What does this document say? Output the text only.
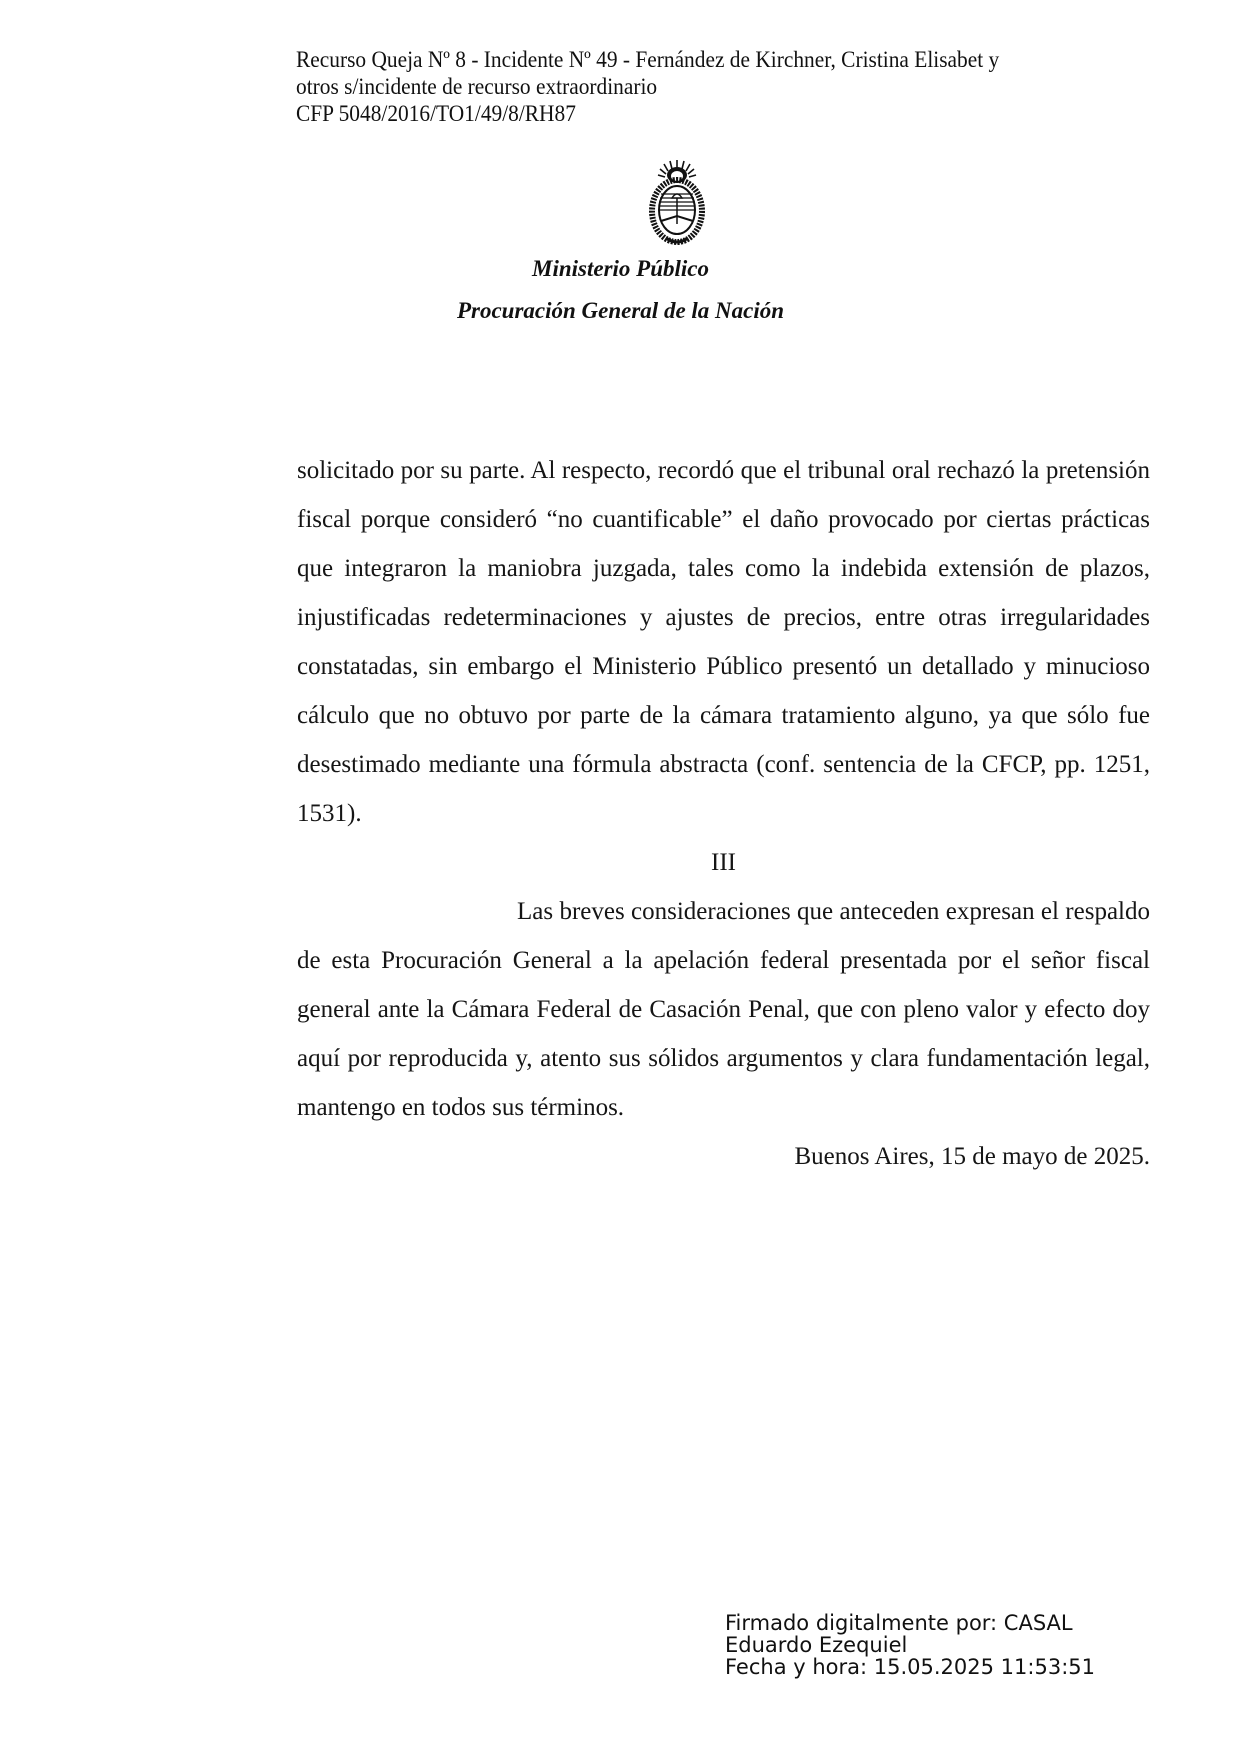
Recurso Queja Nº 8 - Incidente Nº 49 - Fernández de Kirchner, Cristina Elisabet y
otros s/incidente de recurso extraordinario
CFP 5048/2016/TO1/49/8/RH87
Ministerio Público
Procuración General de la Nación

solicitado por su parte. Al respecto, recordó que el tribunal oral rechazó la pretensión fiscal porque consideró “no cuantificable” el daño provocado por ciertas prácticas que integraron la maniobra juzgada, tales como la indebida extensión de plazos, injustificadas redeterminaciones y ajustes de precios, entre otras irregularidades constatadas, sin embargo el Ministerio Público presentó un detallado y minucioso cálculo que no obtuvo por parte de la cámara tratamiento alguno, ya que sólo fue desestimado mediante una fórmula abstracta (conf. sentencia de la CFCP, pp. 1251, 1531).

III

Las breves consideraciones que anteceden expresan el respaldo de esta Procuración General a la apelación federal presentada por el señor fiscal general ante la Cámara Federal de Casación Penal, que con pleno valor y efecto doy aquí por reproducida y, atento sus sólidos argumentos y clara fundamentación legal, mantengo en todos sus términos.

Buenos Aires, 15 de mayo de 2025.

Firmado digitalmente por: CASAL
Eduardo Ezequiel
Fecha y hora: 15.05.2025 11:53:51
